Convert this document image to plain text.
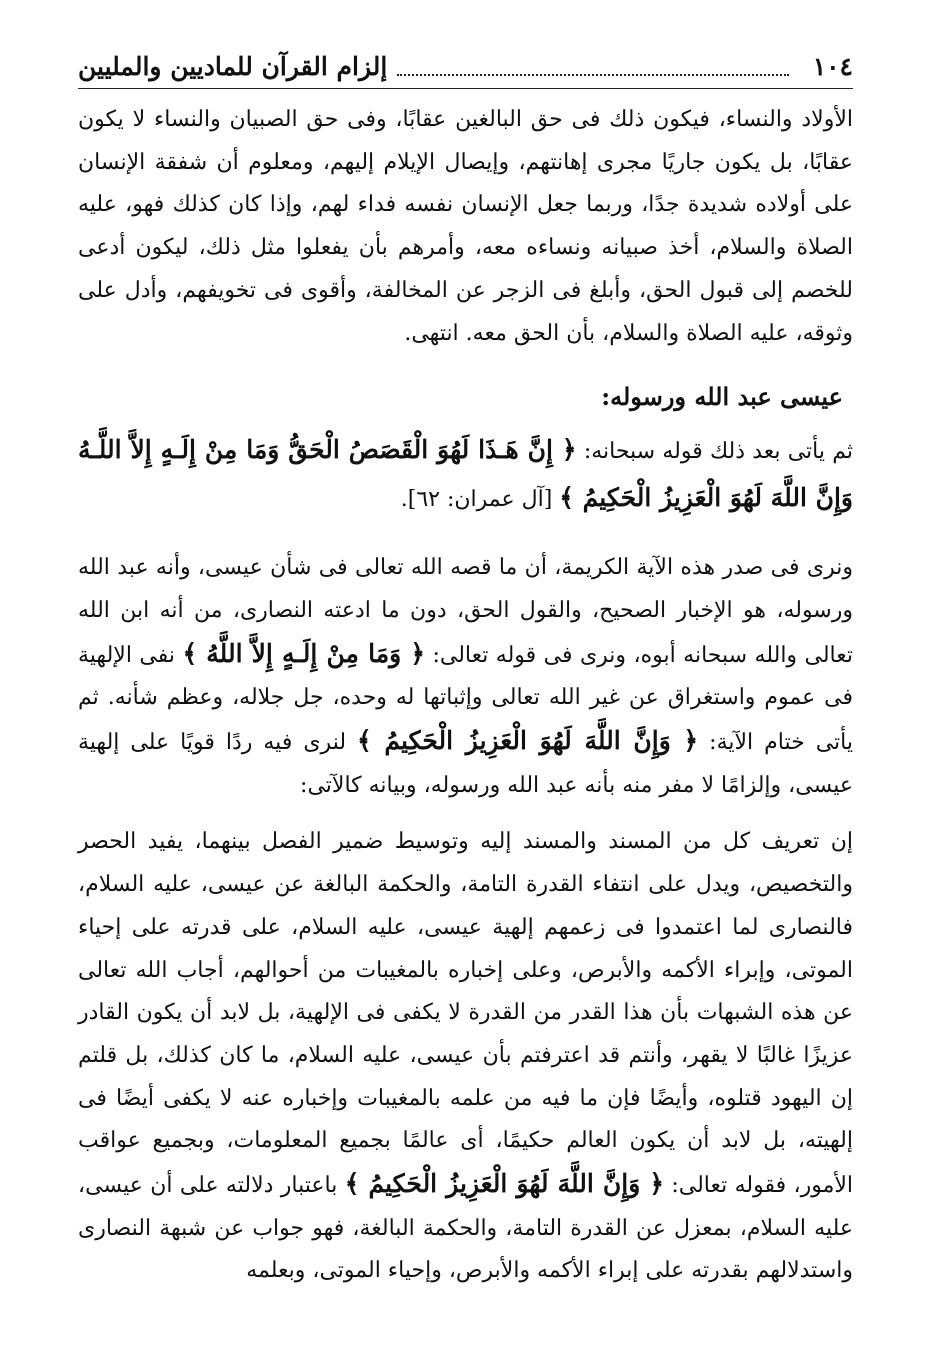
١٠٤
إلزام القرآن للماديين والمليين

الأولاد والنساء، فيكون ذلك فى حق البالغين عقابًا، وفى حق الصبيان والنساء لا يكون عقابًا، بل يكون جاريًا مجرى إهانتهم، وإيصال الإيلام إليهم، ومعلوم أن شفقة الإنسان على أولاده شديدة جدًا، وربما جعل الإنسان نفسه فداء لهم، وإذا كان كذلك فهو، عليه الصلاة والسلام، أخذ صبيانه ونساءه معه، وأمرهم بأن يفعلوا مثل ذلك، ليكون أدعى للخصم إلى قبول الحق، وأبلغ فى الزجر عن المخالفة، وأقوى فى تخويفهم، وأدل على وثوقه، عليه الصلاة والسلام، بأن الحق معه. انتهى.

عيسى عبد الله ورسوله:

ثم يأتى بعد ذلك قوله سبحانه: ﴿ إِنَّ هَـذَا لَهُوَ الْقَصَصُ الْحَقُّ وَمَا مِنْ إِلَـهٍ إِلاَّ اللَّـهُ وَإِنَّ اللَّهَ لَهُوَ الْعَزِيزُ الْحَكِيمُ ﴾ [آل عمران: ٦٢].

ونرى فى صدر هذه الآية الكريمة، أن ما قصه الله تعالى فى شأن عيسى، وأنه عبد الله ورسوله، هو الإخبار الصحيح، والقول الحق، دون ما ادعته النصارى، من أنه ابن الله تعالى والله سبحانه أبوه، ونرى فى قوله تعالى: ﴿ وَمَا مِنْ إِلَـهٍ إِلاَّ اللَّهُ ﴾ نفى الإلهية فى عموم واستغراق عن غير الله تعالى وإثباتها له وحده، جل جلاله، وعظم شأنه. ثم يأتى ختام الآية: ﴿ وَإِنَّ اللَّهَ لَهُوَ الْعَزِيزُ الْحَكِيمُ ﴾ لنرى فيه ردًا قويًا على إلهية عيسى، وإلزامًا لا مفر منه بأنه عبد الله ورسوله، وبيانه كالآتى:

إن تعريف كل من المسند والمسند إليه وتوسيط ضمير الفصل بينهما، يفيد الحصر والتخصيص، ويدل على انتفاء القدرة التامة، والحكمة البالغة عن عيسى، عليه السلام، فالنصارى لما اعتمدوا فى زعمهم إلهية عيسى، عليه السلام، على قدرته على إحياء الموتى، وإبراء الأكمه والأبرص، وعلى إخباره بالمغيبات من أحوالهم، أجاب الله تعالى عن هذه الشبهات بأن هذا القدر من القدرة لا يكفى فى الإلهية، بل لابد أن يكون القادر عزيزًا غالبًا لا يقهر، وأنتم قد اعترفتم بأن عيسى، عليه السلام، ما كان كذلك، بل قلتم إن اليهود قتلوه، وأيضًا فإن ما فيه من علمه بالمغيبات وإخباره عنه لا يكفى أيضًا فى إلهيته، بل لابد أن يكون العالم حكيمًا، أى عالمًا بجميع المعلومات، وبجميع عواقب الأمور، فقوله تعالى: ﴿ وَإِنَّ اللَّهَ لَهُوَ الْعَزِيزُ الْحَكِيمُ ﴾ باعتبار دلالته على أن عيسى، عليه السلام، بمعزل عن القدرة التامة، والحكمة البالغة، فهو جواب عن شبهة النصارى واستدلالهم بقدرته على إبراء الأكمه والأبرص، وإحياء الموتى، وبعلمه
